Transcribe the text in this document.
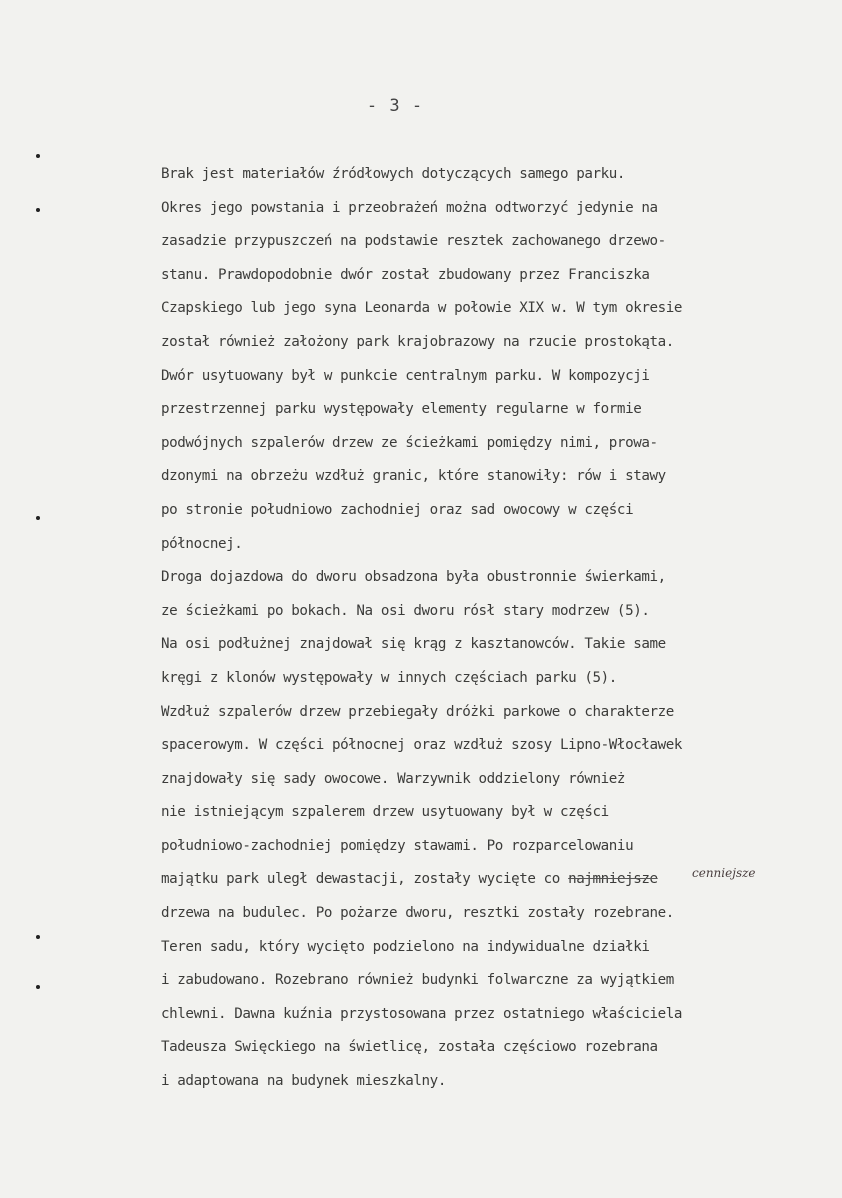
- 3 -
cenniejsze
Brak jest materiałów źródłowych dotyczących samego parku.
Okres jego powstania i przeobrażeń można odtworzyć jedynie na
zasadzie przypuszczeń na podstawie resztek zachowanego drzewo-
stanu. Prawdopodobnie dwór został zbudowany przez Franciszka
Czapskiego lub jego syna Leonarda w połowie XIX w. W tym okresie
został również założony park krajobrazowy na rzucie prostokąta.
Dwór usytuowany był w punkcie centralnym parku. W kompozycji
przestrzennej parku występowały elementy regularne w formie
podwójnych szpalerów drzew ze ścieżkami pomiędzy nimi, prowa-
dzonymi na obrzeżu wzdłuż granic, które stanowiły: rów i stawy
po stronie południowo zachodniej oraz sad owocowy w części
północnej.
Droga dojazdowa do dworu obsadzona była obustronnie świerkami,
ze ścieżkami po bokach. Na osi dworu rósł stary modrzew (5).
Na osi podłużnej znajdował się krąg z kasztanowców. Takie same
kręgi z klonów występowały w innych częściach parku (5).
Wzdłuż szpalerów drzew przebiegały dróżki parkowe o charakterze
spacerowym. W części północnej oraz wzdłuż szosy Lipno-Włocławek
znajdowały się sady owocowe. Warzywnik oddzielony również
nie istniejącym szpalerem drzew usytuowany był w części
południowo-zachodniej pomiędzy stawami. Po rozparcelowaniu
majątku park uległ dewastacji, zostały wycięte co najmniejsze
drzewa na budulec. Po pożarze dworu, resztki zostały rozebrane.
Teren sadu, który wycięto podzielono na indywidualne działki
i zabudowano. Rozebrano również budynki folwarczne za wyjątkiem
chlewni. Dawna kuźnia przystosowana przez ostatniego właściciela
Tadeusza Swięckiego na świetlicę, została częściowo rozebrana
i adaptowana na budynek mieszkalny.
